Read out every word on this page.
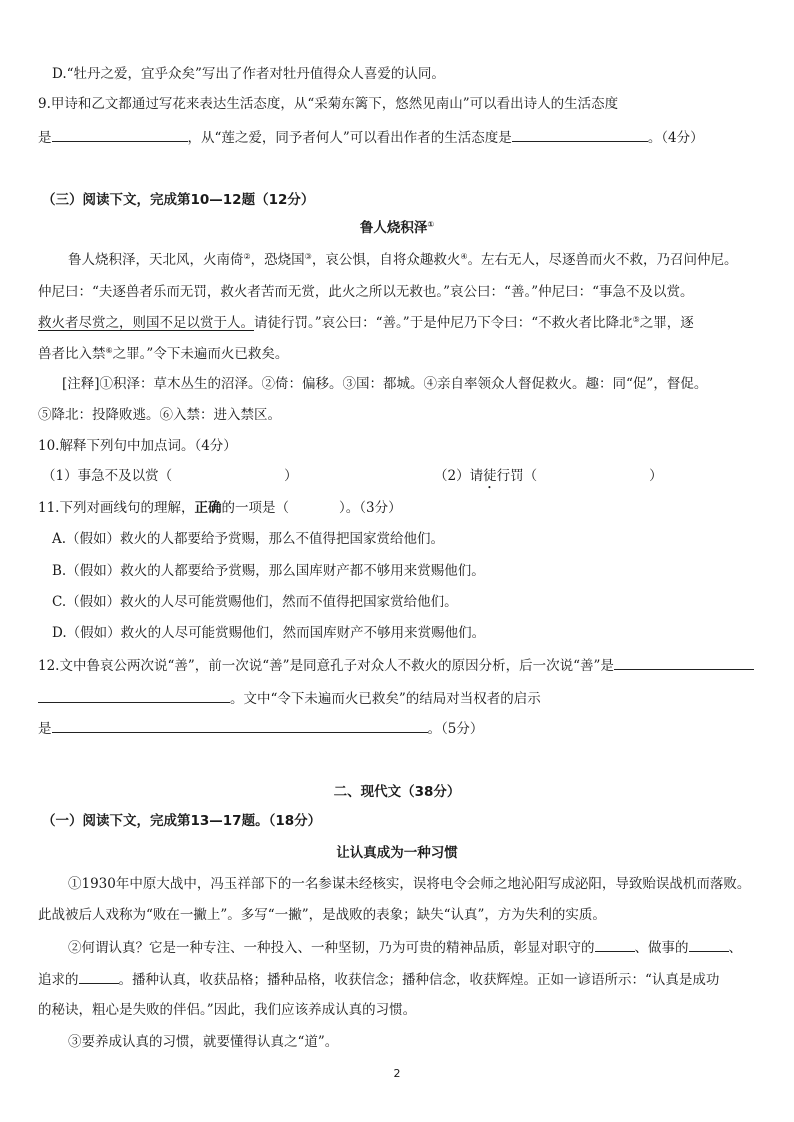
D.“牡丹之爱，宜乎众矣”写出了作者对牡丹值得众人喜爱的认同。
9.甲诗和乙文都通过写花来表达生活态度，从“采菊东篱下，悠然见南山”可以看出诗人的生活态度
是	，从“莲之爱，同予者何人”可以看出作者的生活态度是	。（4分）
（三）阅读下文，完成第10—12题（12分）
鲁人烧积泽①
鲁人烧积泽，天北风，火南倚②，恐烧国③，哀公惧，自将众趣救火④。左右无人，尽逐兽而火不救，乃召问仲尼。
仲尼曰：“夫逐兽者乐而无罚，救火者苦而无赏，此火之所以无救也。”哀公曰：“善。”仲尼曰：“事急不及以赏。
救火者尽赏之，则国不足以赏于人。请徒行罚。”哀公曰：“善。”于是仲尼乃下令曰：“不救火者比降北⑤之罪，逐
兽者比入禁⑥之罪。”令下未遍而火已救矣。
[注释]①积泽：草木丛生的沼泽。②倚：偏移。③国：都城。④亲自率领众人督促救火。趣：同“促”，督促。
⑤降北：投降败逃。⑥入禁：进入禁区。
10.解释下列句中加点词。（4分）
（1）事急不及以赏（	）	（2）请徒行罚（	）
11.下列对画线句的理解，正确的一项是（	）。（3分）
A.（假如）救火的人都要给予赏赐，那么不值得把国家赏给他们。
B.（假如）救火的人都要给予赏赐，那么国库财产都不够用来赏赐他们。
C.（假如）救火的人尽可能赏赐他们，然而不值得把国家赏给他们。
D.（假如）救火的人尽可能赏赐他们，然而国库财产不够用来赏赐他们。
12.文中鲁哀公两次说“善”，前一次说“善”是同意孔子对众人不救火的原因分析，后一次说“善”是
。文中“令下未遍而火已救矣”的结局对当权者的启示
是	。（5分）
二、现代文（38分）
（一）阅读下文，完成第13—17题。（18分）
让认真成为一种习惯
①1930年中原大战中，冯玉祥部下的一名参谋未经核实，误将电令会师之地沁阳写成泌阳，导致贻误战机而落败。
此战被后人戏称为“败在一撇上”。多写“一撇”，是战败的表象；缺失“认真”，方为失利的实质。
②何谓认真？它是一种专注、一种投入、一种坚韧，乃为可贵的精神品质，彰显对职守的	、做事的	、
追求的	。播种认真，收获品格；播种品格，收获信念；播种信念，收获辉煌。正如一谚语所示：“认真是成功
的秘诀，粗心是失败的伴侣。”因此，我们应该养成认真的习惯。
③要养成认真的习惯，就要懂得认真之“道”。
2
